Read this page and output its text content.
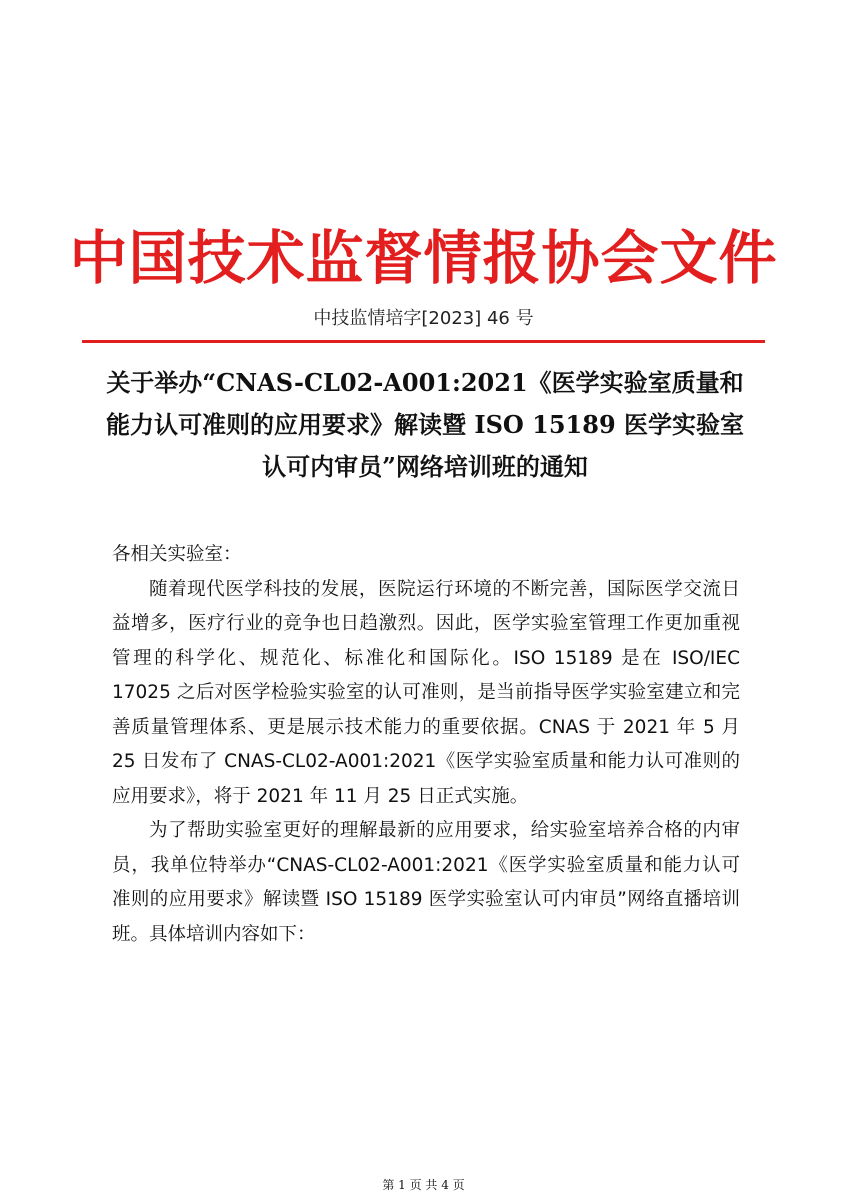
中国技术监督情报协会文件
中技监情培字[2023] 46 号
关于举办“CNAS-CL02-A001:2021《医学实验室质量和能力认可准则的应用要求》解读暨 ISO 15189 医学实验室认可内审员”网络培训班的通知

各相关实验室：

随着现代医学科技的发展，医院运行环境的不断完善，国际医学交流日益增多，医疗行业的竞争也日趋激烈。因此，医学实验室管理工作更加重视管理的科学化、规范化、标准化和国际化。ISO 15189 是在 ISO/IEC 17025 之后对医学检验实验室的认可准则，是当前指导医学实验室建立和完善质量管理体系、更是展示技术能力的重要依据。CNAS 于 2021 年 5 月 25 日发布了 CNAS-CL02-A001:2021《医学实验室质量和能力认可准则的应用要求》，将于 2021 年 11 月 25 日正式实施。

为了帮助实验室更好的理解最新的应用要求，给实验室培养合格的内审员，我单位特举办“CNAS-CL02-A001:2021《医学实验室质量和能力认可准则的应用要求》解读暨 ISO 15189 医学实验室认可内审员”网络直播培训班。具体培训内容如下：

第 1 页 共 4 页
